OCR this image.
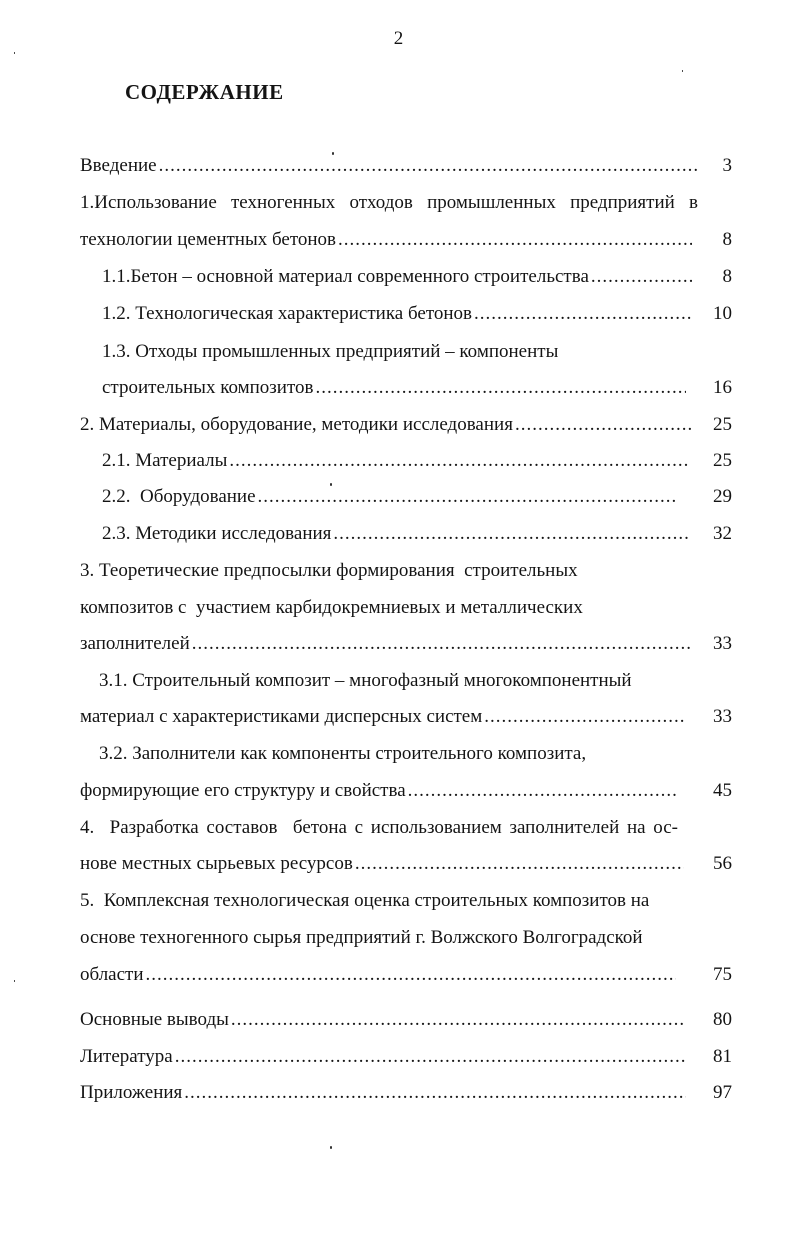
2
СОДЕРЖАНИЕ
Введение .....	3
1.Использование техногенных отходов промышленных предприятий в
технологии цементных бетонов .....	8
1.1.Бетон – основной материал современного строительства .....	8
1.2. Технологическая характеристика бетонов .....	10
1.3. Отходы промышленных предприятий – компоненты
строительных композитов .....	16
2. Материалы, оборудование, методики исследования .....	25
2.1. Материалы .....	25
2.2.  Оборудование .....	29
2.3. Методики исследования .....	32
3. Теоретические предпосылки формирования  строительных
композитов с  участием карбидокремниевых и металлических
заполнителей .....	33
3.1. Строительный композит – многофазный многокомпонентный
материал с характеристиками дисперсных систем .....	33
3.2. Заполнители как компоненты строительного композита,
формирующие его структуру и свойства .....	45
4.  Разработка составов  бетона с использованием заполнителей на ос-
нове местных сырьевых ресурсов .....	56
5.  Комплексная технологическая оценка строительных композитов на
основе техногенного сырья предприятий г. Волжского Волгоградской
области .....	75
Основные выводы .....	80
Литература .....	81
Приложения .....	97
